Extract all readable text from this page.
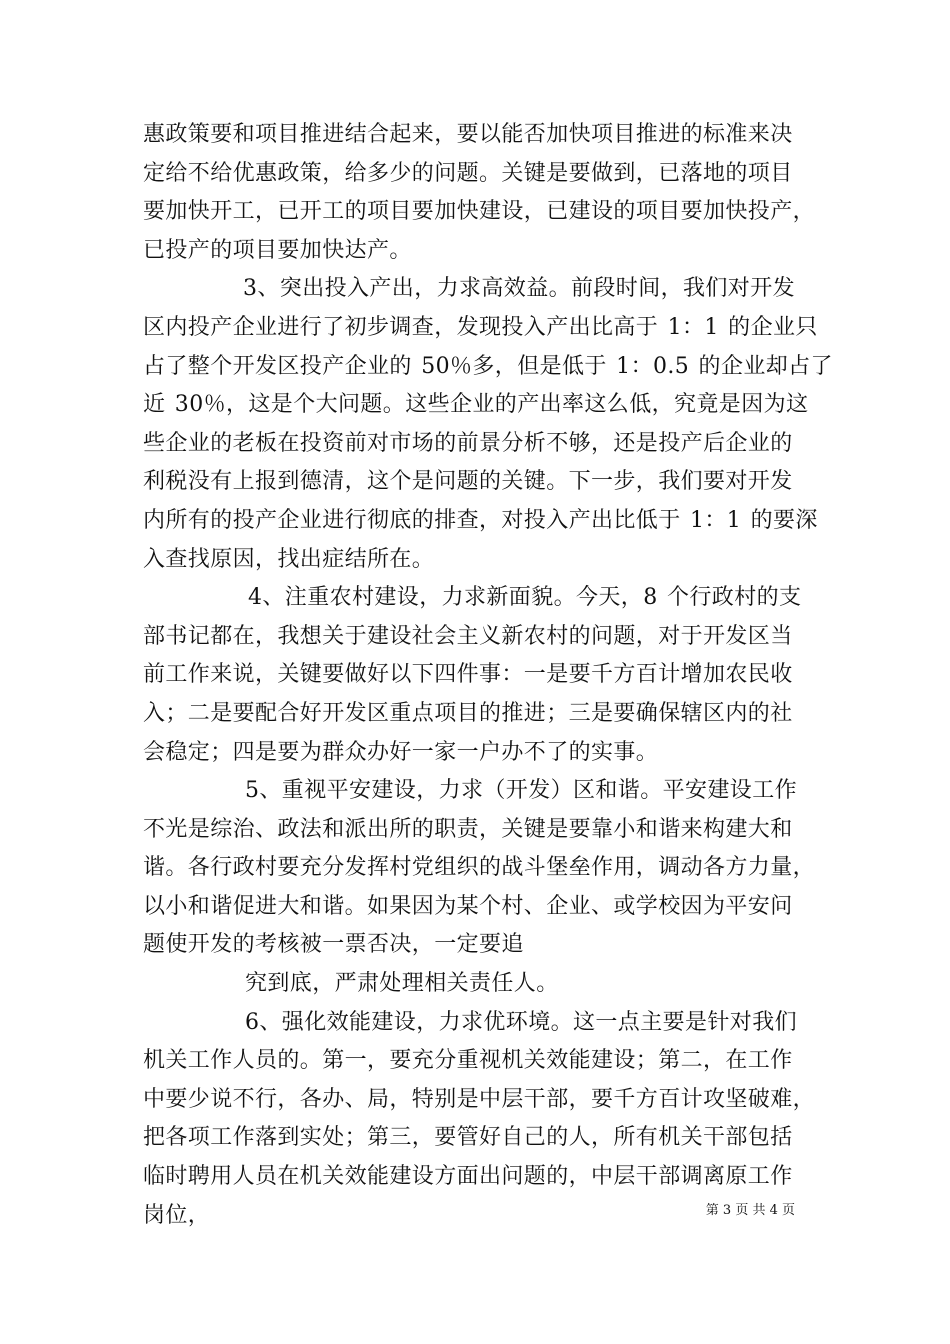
惠政策要和项目推进结合起来，要以能否加快项目推进的标准来决
定给不给优惠政策，给多少的问题。关键是要做到，已落地的项目
要加快开工，已开工的项目要加快建设，已建设的项目要加快投产，
已投产的项目要加快达产。
3、突出投入产出，力求高效益。前段时间，我们对开发
区内投产企业进行了初步调查，发现投入产出比高于 1：1 的企业只
占了整个开发区投产企业的 50％多，但是低于 1：0.5 的企业却占了
近 30％，这是个大问题。这些企业的产出率这么低，究竟是因为这
些企业的老板在投资前对市场的前景分析不够，还是投产后企业的
利税没有上报到德清，这个是问题的关键。下一步，我们要对开发
内所有的投产企业进行彻底的排查，对投入产出比低于 1：1 的要深
入查找原因，找出症结所在。
4、注重农村建设，力求新面貌。今天，8 个行政村的支
部书记都在，我想关于建设社会主义新农村的问题，对于开发区当
前工作来说，关键要做好以下四件事：一是要千方百计增加农民收
入；二是要配合好开发区重点项目的推进；三是要确保辖区内的社
会稳定；四是要为群众办好一家一户办不了的实事。
5、重视平安建设，力求（开发）区和谐。平安建设工作
不光是综治、政法和派出所的职责，关键是要靠小和谐来构建大和
谐。各行政村要充分发挥村党组织的战斗堡垒作用，调动各方力量，
以小和谐促进大和谐。如果因为某个村、企业、或学校因为平安问
题使开发的考核被一票否决，一定要追
究到底，严肃处理相关责任人。
6、强化效能建设，力求优环境。这一点主要是针对我们
机关工作人员的。第一，要充分重视机关效能建设；第二，在工作
中要少说不行，各办、局，特别是中层干部，要千方百计攻坚破难，
把各项工作落到实处；第三，要管好自己的人，所有机关干部包括
临时聘用人员在机关效能建设方面出问题的，中层干部调离原工作
岗位，	第 3 页 共 4 页
